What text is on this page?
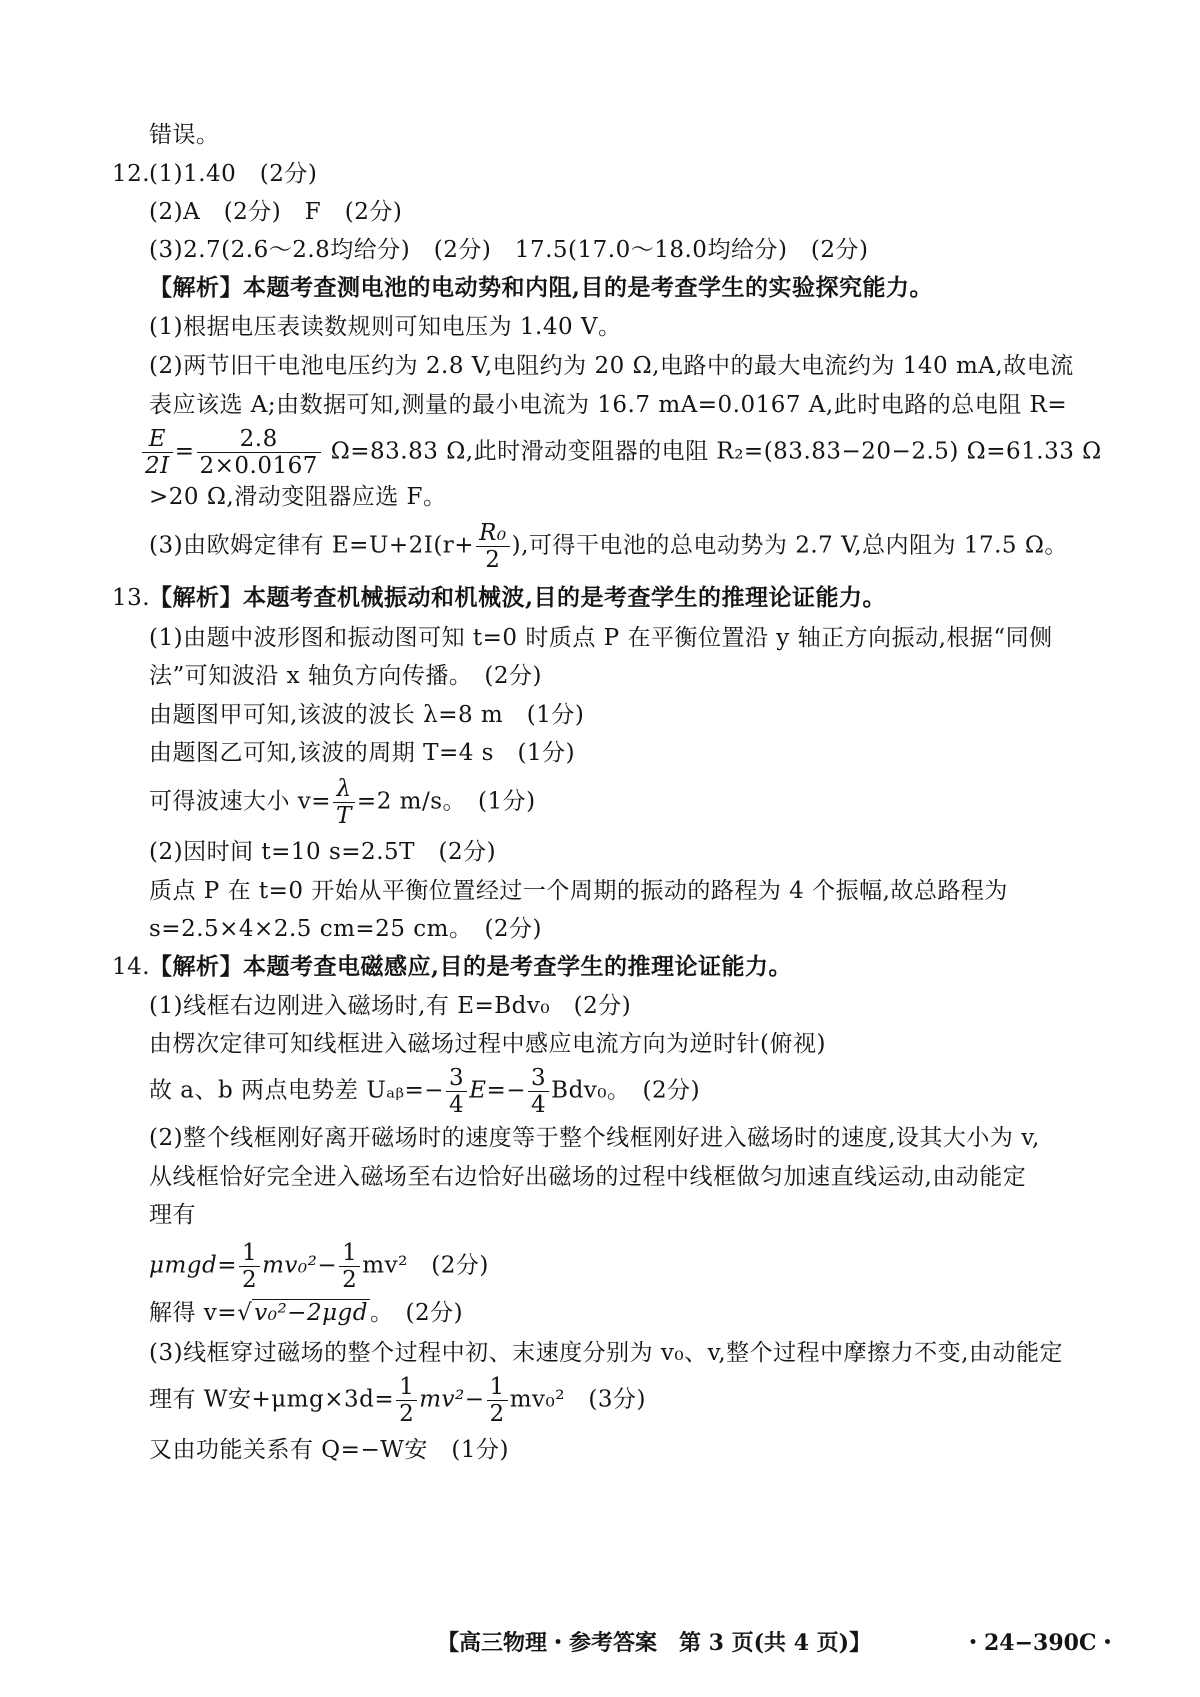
错误。
12.
(1)1.40　(2分)
(2)A　(2分)　F　(2分)
(3)2.7(2.6～2.8均给分)　(2分)　17.5(17.0～18.0均给分)　(2分)
【解析】本题考查测电池的电动势和内阻,目的是考查学生的实验探究能力。
(1)根据电压表读数规则可知电压为 1.40 V。
(2)两节旧干电池电压约为 2.8 V,电阻约为 20 Ω,电路中的最大电流约为 140 mA,故电流
表应该选 A;由数据可知,测量的最小电流为 16.7 mA=0.0167 A,此时电路的总电阻 R=
$\frac{E}{2I} = \frac{2.8}{2\times 0.0167} \Omega=83.83$ Ω,此时滑动变阻器的电阻 R₂=(83.83−20−2.5) Ω=61.33 Ω
>20 Ω,滑动变阻器应选 F。
(3)由欧姆定律有 $E=U+2I(r+ \frac{\text{R₀}}{2}$ ),可得干电池的总电动势为 2.7 V,总内阻为 17.5 Ω。
13.
【解析】本题考查机械振动和机械波,目的是考查学生的推理论证能力。
(1)由题中波形图和振动图可知 t=0 时质点 P 在平衡位置沿 y 轴正方向振动,根据“同侧
法”可知波沿 x 轴负方向传播。　(2分)
由题图甲可知,该波的波长 λ=8 m　(1分)
由题图乙可知,该波的周期 T=4 s　(1分)
可得波速大小 $v= \frac{\lambda}{T} =2$ m/s。　(1分)
(2)因时间 t=10 s=2.5T　(2分)
质点 P 在 t=0 开始从平衡位置经过一个周期的振动的路程为 4 个振幅,故总路程为
s=2.5×4×2.5 cm=25 cm。　(2分)
14.
【解析】本题考查电磁感应,目的是考查学生的推理论证能力。
(1)线框右边刚进入磁场时,有 E=Bdv₀　(2分)
由楞次定律可知线框进入磁场过程中感应电流方向为逆时针(俯视)
故 a、b 两点电势差 Uₐᵦ=− $\frac{3}{4} E=- \frac{3}{4} Bdv_0$。　(2分)
(2)整个线框刚好离开磁场时的速度等于整个线框刚好进入磁场时的速度,设其大小为 v,
从线框恰好完全进入磁场至右边恰好出磁场的过程中线框做匀加速直线运动,由动能定
理有
$\mu mgd= \frac{1}{2} mv_0^2- \frac{1}{2} mv^2$　(2分)
解得 v=√v₀²−2μgd。　(2分)
(3)线框穿过磁场的整个过程中初、末速度分别为 v₀、v,整个过程中摩擦力不变,由动能定
理有 W安$+\mu mg\times 3d= \frac{1}{2} mv^2- \frac{1}{2} mv_0^2$　(3分)
又由功能关系有 Q=−W安　(1分)
【高三物理・参考答案　第 3 页(共 4 页)】	・24−390C・
